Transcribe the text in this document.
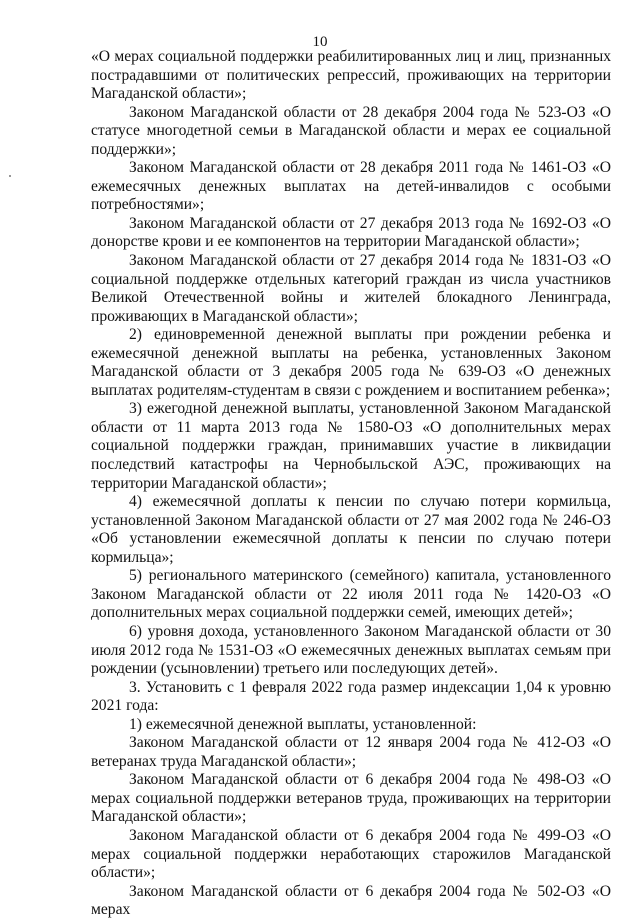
10

«О мерах социальной поддержки реабилитированных лиц и лиц, признанных пострадавшими от политических репрессий, проживающих на территории Магаданской области»;

Законом Магаданской области от 28 декабря 2004 года № 523-ОЗ «О статусе многодетной семьи в Магаданской области и мерах ее социальной поддержки»;

Законом Магаданской области от 28 декабря 2011 года № 1461-ОЗ «О ежемесячных денежных выплатах на детей-инвалидов с особыми потребностями»;

Законом Магаданской области от 27 декабря 2013 года № 1692-ОЗ «О донорстве крови и ее компонентов на территории Магаданской области»;

Законом Магаданской области от 27 декабря 2014 года № 1831-ОЗ «О социальной поддержке отдельных категорий граждан из числа участников Великой Отечественной войны и жителей блокадного Ленинграда, проживающих в Магаданской области»;

2) единовременной денежной выплаты при рождении ребенка и ежемесячной денежной выплаты на ребенка, установленных Законом Магаданской области от 3 декабря 2005 года № 639-ОЗ «О денежных выплатах родителям-студентам в связи с рождением и воспитанием ребенка»;

3) ежегодной денежной выплаты, установленной Законом Магаданской области от 11 марта 2013 года № 1580-ОЗ «О дополнительных мерах социальной поддержки граждан, принимавших участие в ликвидации последствий катастрофы на Чернобыльской АЭС, проживающих на территории Магаданской области»;

4) ежемесячной доплаты к пенсии по случаю потери кормильца, установленной Законом Магаданской области от 27 мая 2002 года № 246-ОЗ «Об установлении ежемесячной доплаты к пенсии по случаю потери кормильца»;

5) регионального материнского (семейного) капитала, установленного Законом Магаданской области от 22 июля 2011 года № 1420-ОЗ «О дополнительных мерах социальной поддержки семей, имеющих детей»;

6) уровня дохода, установленного Законом Магаданской области от 30 июля 2012 года № 1531-ОЗ «О ежемесячных денежных выплатах семьям при рождении (усыновлении) третьего или последующих детей».

3. Установить с 1 февраля 2022 года размер индексации 1,04 к уровню 2021 года:

1) ежемесячной денежной выплаты, установленной:

Законом Магаданской области от 12 января 2004 года № 412-ОЗ «О ветеранах труда Магаданской области»;

Законом Магаданской области от 6 декабря 2004 года № 498-ОЗ «О мерах социальной поддержки ветеранов труда, проживающих на территории Магаданской области»;

Законом Магаданской области от 6 декабря 2004 года № 499-ОЗ «О мерах социальной поддержки неработающих старожилов Магаданской области»;

Законом Магаданской области от 6 декабря 2004 года № 502-ОЗ «О мерах
